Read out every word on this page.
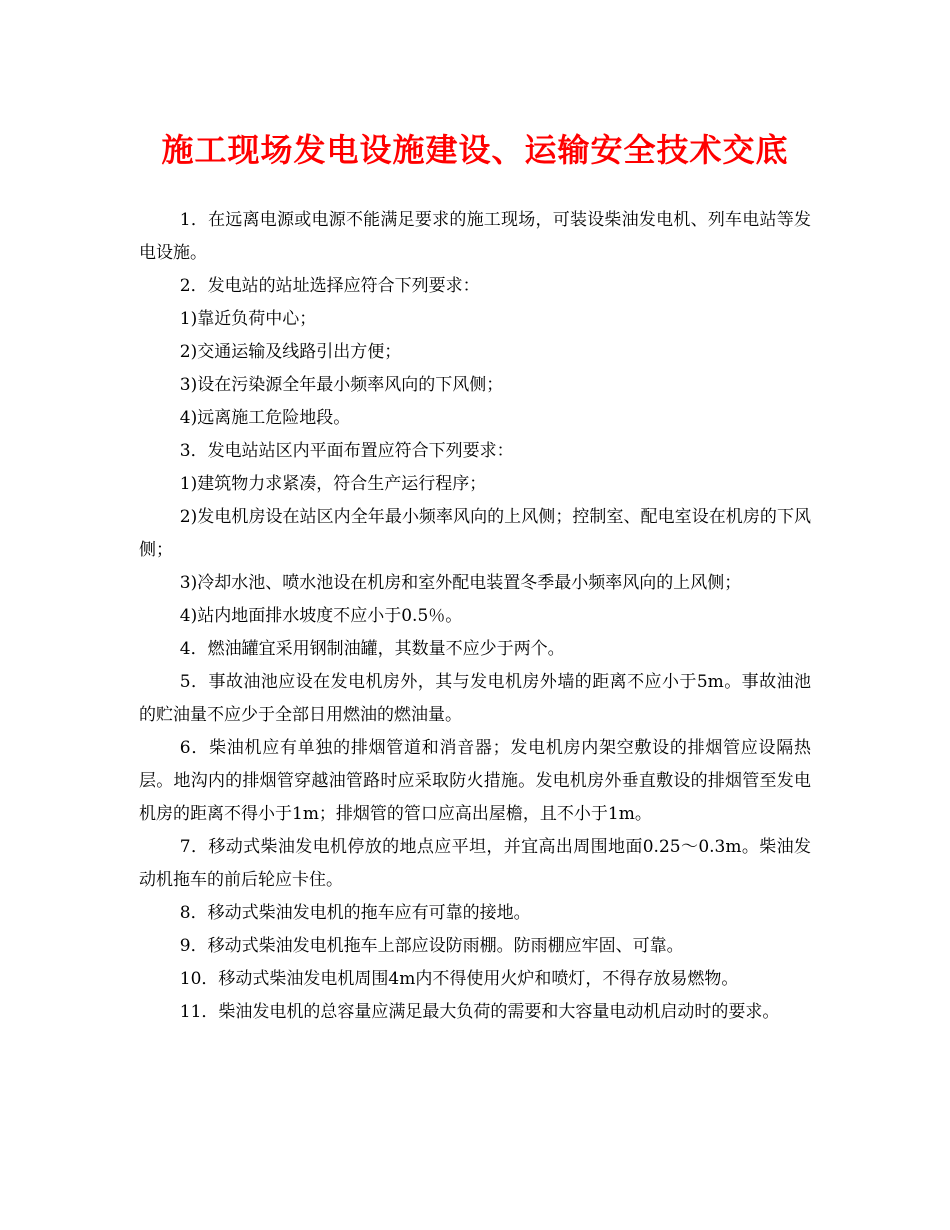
施工现场发电设施建设、运输安全技术交底

1．在远离电源或电源不能满足要求的施工现场，可装设柴油发电机、列车电站等发电设施。

2．发电站的站址选择应符合下列要求：

1)靠近负荷中心；

2)交通运输及线路引出方便；

3)设在污染源全年最小频率风向的下风侧；

4)远离施工危险地段。

3．发电站站区内平面布置应符合下列要求：

1)建筑物力求紧凑，符合生产运行程序；

2)发电机房设在站区内全年最小频率风向的上风侧；控制室、配电室设在机房的下风侧；

3)冷却水池、喷水池设在机房和室外配电装置冬季最小频率风向的上风侧；

4)站内地面排水坡度不应小于0.5％。

4．燃油罐宜采用钢制油罐，其数量不应少于两个。

5．事故油池应设在发电机房外，其与发电机房外墙的距离不应小于5m。事故油池的贮油量不应少于全部日用燃油的燃油量。

6．柴油机应有单独的排烟管道和消音器；发电机房内架空敷设的排烟管应设隔热层。地沟内的排烟管穿越油管路时应采取防火措施。发电机房外垂直敷设的排烟管至发电机房的距离不得小于1m；排烟管的管口应高出屋檐，且不小于1m。

7．移动式柴油发电机停放的地点应平坦，并宜高出周围地面0.25～0.3m。柴油发动机拖车的前后轮应卡住。

8．移动式柴油发电机的拖车应有可靠的接地。

9．移动式柴油发电机拖车上部应设防雨棚。防雨棚应牢固、可靠。

10．移动式柴油发电机周围4m内不得使用火炉和喷灯，不得存放易燃物。

11．柴油发电机的总容量应满足最大负荷的需要和大容量电动机启动时的要求。
